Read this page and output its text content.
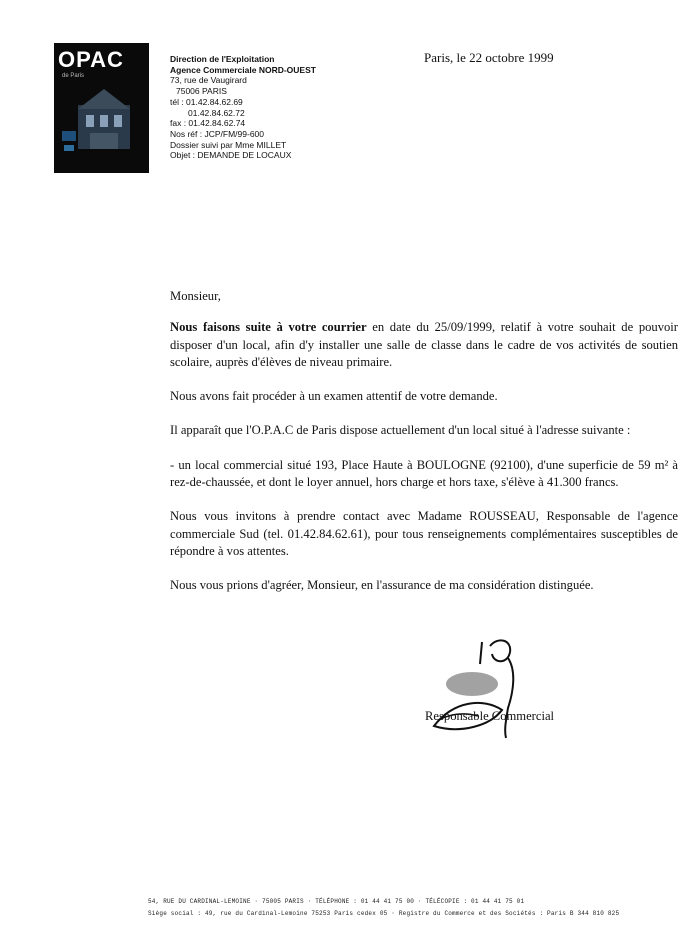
OPAC
de Paris
Direction de l'Exploitation
Agence Commerciale NORD-OUEST
73, rue de Vaugirard
75006 PARIS
tél : 01.42.84.62.69
01.42.84.62.72
fax : 01.42.84.62.74
Nos réf : JCP/FM/99-600
Dossier suivi par Mme MILLET
Objet : DEMANDE DE LOCAUX
Paris, le 22 octobre 1999

Monsieur,

Nous faisons suite à votre courrier en date du 25/09/1999, relatif à votre souhait de pouvoir disposer d'un local, afin d'y installer une salle de classe dans le cadre de vos activités de soutien scolaire, auprès d'élèves de niveau primaire.

Nous avons fait procéder à un examen attentif de votre demande.

Il apparaît que l'O.P.A.C de Paris dispose actuellement d'un local situé à l'adresse suivante :

- un local commercial situé 193, Place Haute à BOULOGNE (92100), d'une superficie de 59 m² à rez-de-chaussée, et dont le loyer annuel, hors charge et hors taxe, s'élève à 41.300 francs.

Nous vous invitons à prendre contact avec Madame ROUSSEAU, Responsable de l'agence commerciale Sud (tel. 01.42.84.62.61), pour tous renseignements complémentaires susceptibles de répondre à vos attentes.

Nous vous prions d'agréer, Monsieur, en l'assurance de ma considération distinguée.

Responsable Commercial
54, RUE DU CARDINAL-LEMOINE · 75005 PARIS · TÉLÉPHONE : 01 44 41 75 00 · TÉLÉCOPIE : 01 44 41 75 01
Siège social : 49, rue du Cardinal-Lemoine 75253 Paris cedex 05 · Registre du Commerce et des Sociétés : Paris B 344 810 825
